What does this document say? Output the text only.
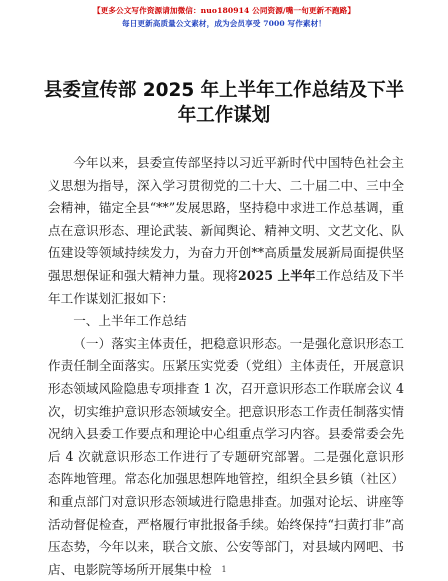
【更多公文写作资源请加微信：nuo180914 公同资源/嘴一旬更新不跑路】
每日更新高质量公文素材，成为会员享受 7000 写作素材！
县委宣传部 2025 年上半年工作总结及下半年工作谋划

今年以来，县委宣传部坚持以习近平新时代中国特色社会主义思想为指导，深入学习贯彻党的二十大、二十届二中、三中全会精神，锚定全县“**”发展思路，坚持稳中求进工作总基调，重点在意识形态、理论武装、新闻舆论、精神文明、文艺文化、队伍建设等领域持续发力，为奋力开创**高质量发展新局面提供坚强思想保证和强大精神力量。现将2025 上半年工作总结及下半年工作谋划汇报如下：

一、上半年工作总结

（一）落实主体责任，把稳意识形态。一是强化意识形态工作责任制全面落实。压紧压实党委（党组）主体责任，开展意识形态领域风险隐患专项排查 1 次，召开意识形态工作联席会议 4 次，切实维护意识形态领域安全。把意识形态工作责任制落实情况纳入县委工作要点和理论中心组重点学习内容。县委常委会先后 4 次就意识形态工作进行了专题研究部署。二是强化意识形态阵地管理。常态化加强思想阵地管控，组织全县乡镇（社区）和重点部门对意识形态领域进行隐患排查。加强对论坛、讲座等活动督促检查，严格履行审批报备手续。始终保持“扫黄打非”高压态势，今年以来，联合文旅、公安等部门，对县域内网吧、书店、电影院等场所开展集中检	1
